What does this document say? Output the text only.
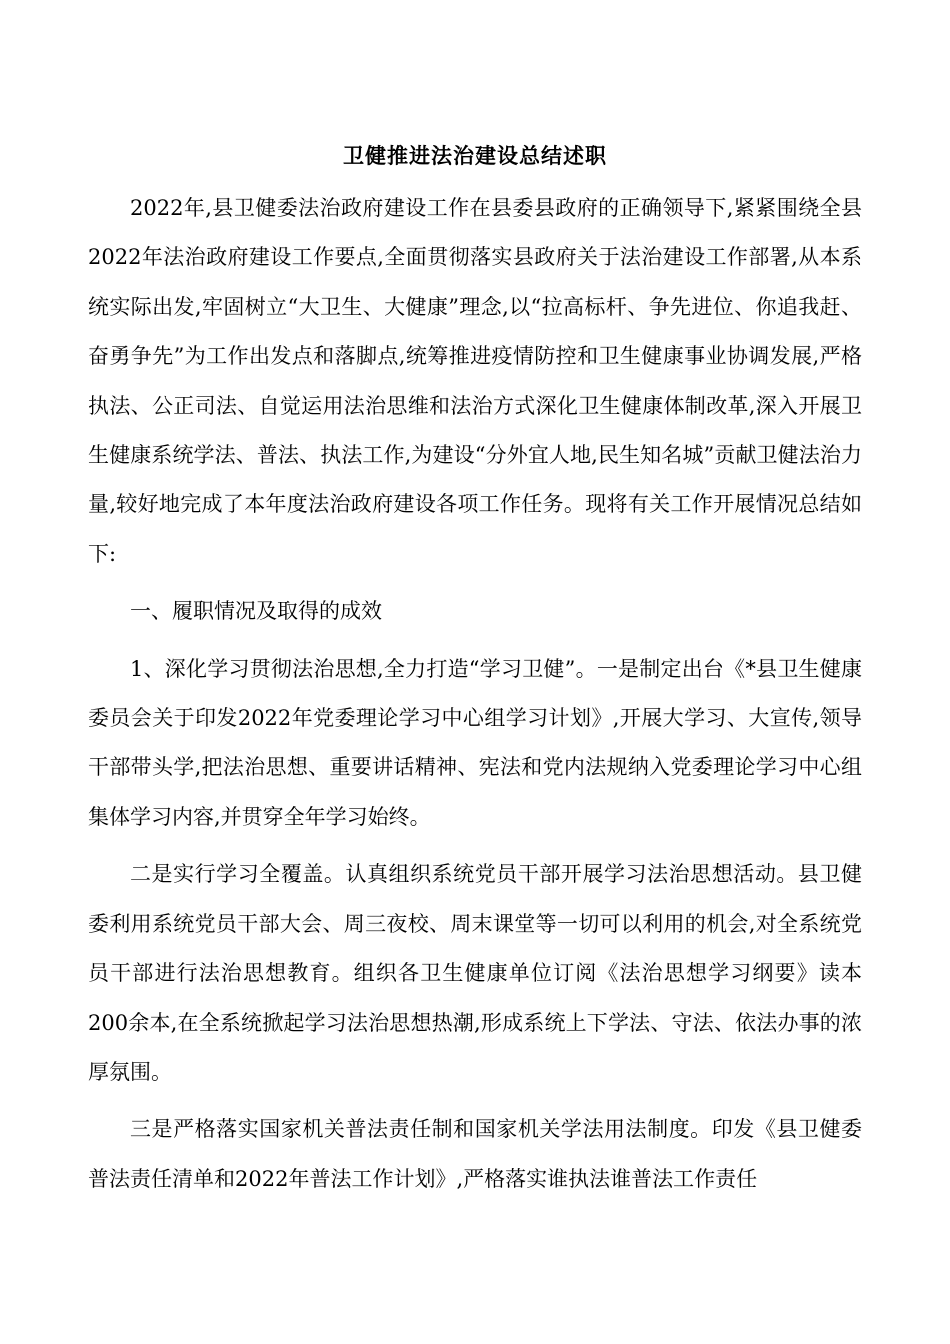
卫健推进法治建设总结述职

2022年,县卫健委法治政府建设工作在县委县政府的正确领导下,紧紧围绕全县2022年法治政府建设工作要点,全面贯彻落实县政府关于法治建设工作部署,从本系统实际出发,牢固树立“大卫生、大健康”理念,以“拉高标杆、争先进位、你追我赶、奋勇争先”为工作出发点和落脚点,统筹推进疫情防控和卫生健康事业协调发展,严格执法、公正司法、自觉运用法治思维和法治方式深化卫生健康体制改革,深入开展卫生健康系统学法、普法、执法工作,为建设“分外宜人地,民生知名城”贡献卫健法治力量,较好地完成了本年度法治政府建设各项工作任务。现将有关工作开展情况总结如下:

一、履职情况及取得的成效

1、深化学习贯彻法治思想,全力打造“学习卫健”。一是制定出台《*县卫生健康委员会关于印发2022年党委理论学习中心组学习计划》,开展大学习、大宣传,领导干部带头学,把法治思想、重要讲话精神、宪法和党内法规纳入党委理论学习中心组集体学习内容,并贯穿全年学习始终。

二是实行学习全覆盖。认真组织系统党员干部开展学习法治思想活动。县卫健委利用系统党员干部大会、周三夜校、周末课堂等一切可以利用的机会,对全系统党员干部进行法治思想教育。组织各卫生健康单位订阅《法治思想学习纲要》读本200余本,在全系统掀起学习法治思想热潮,形成系统上下学法、守法、依法办事的浓厚氛围。

三是严格落实国家机关普法责任制和国家机关学法用法制度。印发《县卫健委普法责任清单和2022年普法工作计划》,严格落实谁执法谁普法工作责任
